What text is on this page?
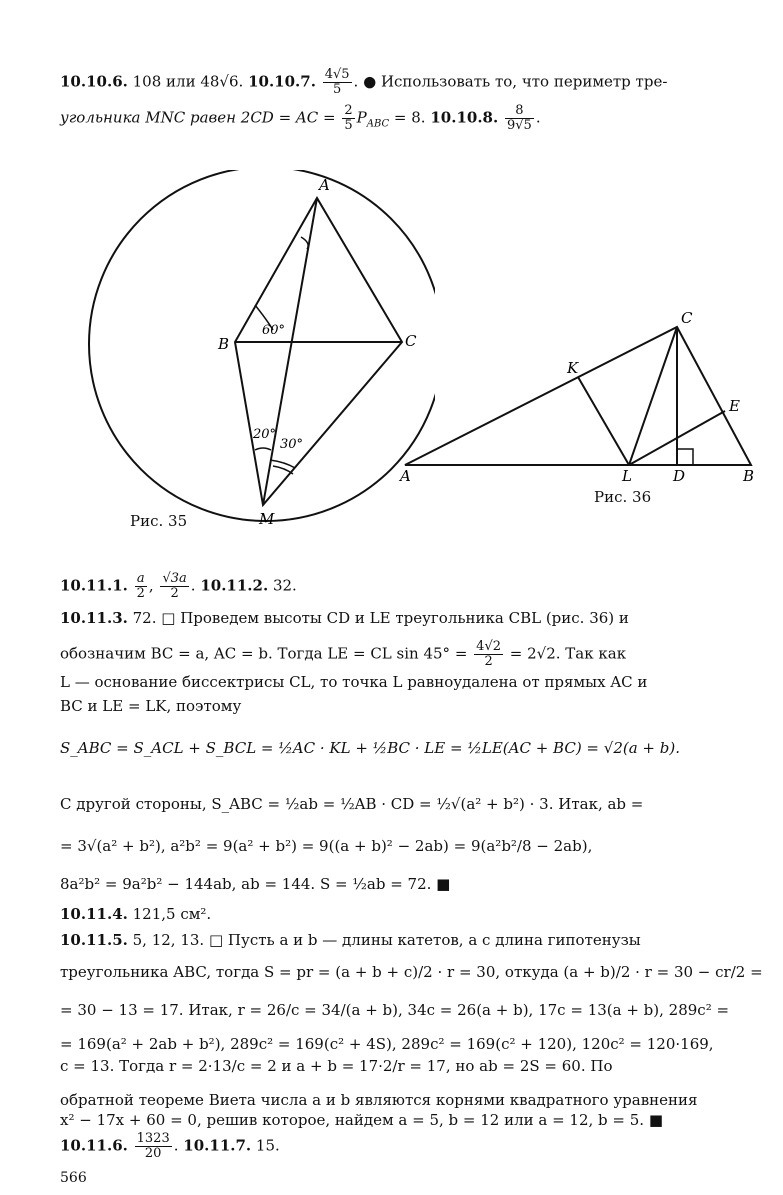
10.10.6. 108 или 48√6. 10.10.7. $\frac{4√5}{5}$ . ● Использовать то, что периметр тре-
угольника MNC равен 2CD = AC = $\frac{2}{5} P_{ABC} = 8$. 10.10.8. $\frac{8}{9√5}$ .
A
B	C
M
60°
20°
30°
Рис. 35
A	B
C
K
L	D
E
Рис. 36
10.11.1. $\frac{a}{2}$ , $\frac{√3a}{2}$ . 10.11.2. 32.
10.11.3. 72. □ Проведем высоты CD и LE треугольника CBL (рис. 36) и
обозначим BC = a, AC = b. Тогда LE = CL $\sin 45^\circ = \frac{4√2}{2} = 2√2$. Так как
L — основание биссектрисы CL, то точка L равноудалена от прямых AC и
BC и LE = LK, поэтому
S_ABC = S_ACL + S_BCL = ½AC · KL + ½BC · LE = ½LE(AC + BC) = √2(a + b).
С другой стороны, S_ABC = ½ab = ½AB · CD = ½√(a² + b²) · 3. Итак, ab =
= 3√(a² + b²), a²b² = 9(a² + b²) = 9((a + b)² − 2ab) = 9(a²b²/8 − 2ab),
8a²b² = 9a²b² − 144ab, ab = 144. S = ½ab = 72. ■
10.11.4. 121,5 см².
10.11.5. 5, 12, 13. □ Пусть a и b — длины катетов, а c длина гипотенузы
треугольника ABC, тогда S = pr = (a + b + c)/2 · r = 30, откуда (a + b)/2 · r = 30 − cr/2 =
= 30 − 13 = 17. Итак, r = 26/c = 34/(a + b), 34c = 26(a + b), 17c = 13(a + b), 289c² =
= 169(a² + 2ab + b²), 289c² = 169(c² + 4S), 289c² = 169(c² + 120), 120c² = 120·169,
c = 13. Тогда r = 2·13/c = 2 и a + b = 17·2/r = 17, но ab = 2S = 60. По
обратной теореме Виета числа a и b являются корнями квадратного уравнения
x² − 17x + 60 = 0, решив которое, найдем a = 5, b = 12 или a = 12, b = 5. ■
10.11.6. $\frac{1323}{20}$ . 10.11.7. 15.
566
